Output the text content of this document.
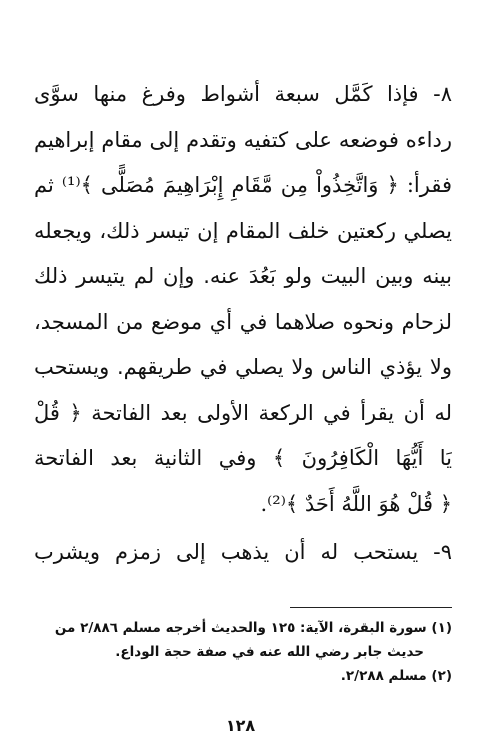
٨- فإذا كَمَّل سبعة أشواط وفرغ منها سوَّى
رداءه فوضعه على كتفيه وتقدم إلى مقام إبراهيم
فقرأ: ﴿ وَاتَّخِذُواْ مِن مَّقَامِ إِبْرَاهِيمَ مُصَلًّى ﴾⁽¹⁾ ثم
يصلي ركعتين خلف المقام إن تيسر ذلك، ويجعله
بينه وبين البيت ولو بَعُدَ عنه. وإن لم يتيسر ذلك
لزحام ونحوه صلاهما في أي موضع من المسجد،
ولا يؤذي الناس ولا يصلي في طريقهم. ويستحب
له أن يقرأ في الركعة الأولى بعد الفاتحة ﴿ قُلْ
يَا أَيُّهَا الْكَافِرُونَ ﴾ وفي الثانية بعد الفاتحة
﴿ قُلْ هُوَ اللَّهُ أَحَدٌ ﴾⁽²⁾.
٩- يستحب له أن يذهب إلى زمزم ويشرب
(١) سورة البقرة، الآية: ١٢٥ والحديث أخرجه مسلم ٢/٨٨٦ من
حديث جابر رضي الله عنه في صفة حجة الوداع.
(٢) مسلم ٢/٢٨٨.
١٢٨
